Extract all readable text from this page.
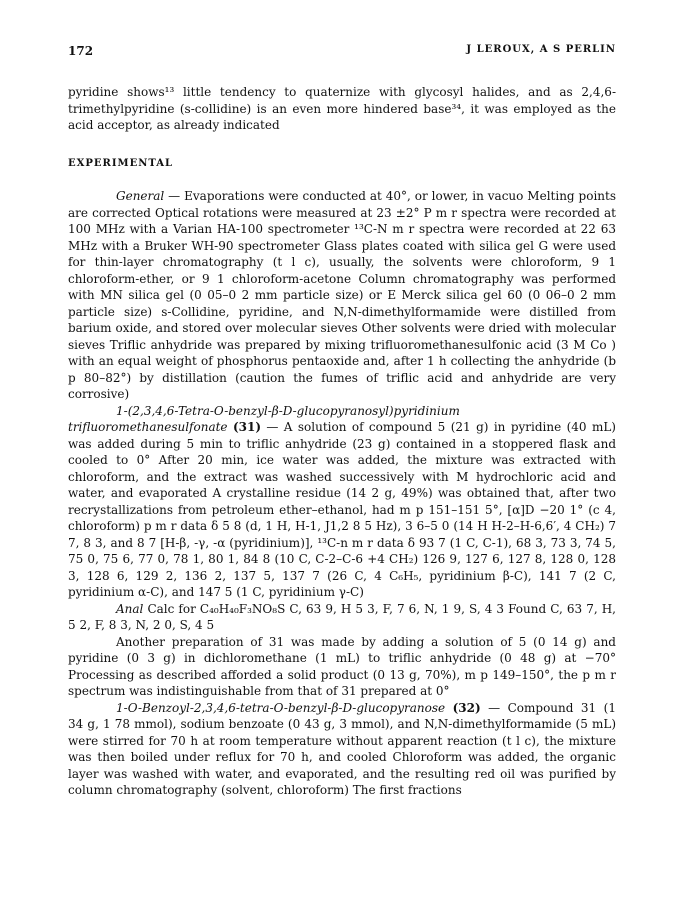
172	J LEROUX, A S PERLIN

pyridine shows¹³ little tendency to quaternize with glycosyl halides, and as 2,4,6-trimethylpyridine (s-collidine) is an even more hindered base³⁴, it was employed as the acid acceptor, as already indicated

EXPERIMENTAL

General — Evaporations were conducted at 40°, or lower, in vacuo Melting points are corrected Optical rotations were measured at 23 ±2° P m r spectra were recorded at 100 MHz with a Varian HA-100 spectrometer ¹³C-N m r spectra were recorded at 22 63 MHz with a Bruker WH-90 spectrometer Glass plates coated with silica gel G were used for thin-layer chromatography (t l c), usually, the solvents were chloroform, 9 1 chloroform-ether, or 9 1 chloroform-acetone Column chromatography was performed with MN silica gel (0 05–0 2 mm particle size) or E Merck silica gel 60 (0 06–0 2 mm particle size) s-Collidine, pyridine, and N,N-dimethylformamide were distilled from barium oxide, and stored over molecular sieves Other solvents were dried with molecular sieves Triflic anhydride was prepared by mixing trifluoromethanesulfonic acid (3 M Co ) with an equal weight of phosphorus pentaoxide and, after 1 h collecting the anhydride (b p 80–82°) by distillation (caution the fumes of triflic acid and anhydride are very corrosive)

1-(2,3,4,6-Tetra-O-benzyl-β-D-glucopyranosyl)pyridinium trifluoromethanesulfonate (31) — A solution of compound 5 (21 g) in pyridine (40 mL) was added during 5 min to triflic anhydride (23 g) contained in a stoppered flask and cooled to 0° After 20 min, ice water was added, the mixture was extracted with chloroform, and the extract was washed successively with M hydrochloric acid and water, and evaporated A crystalline residue (14 2 g, 49%) was obtained that, after two recrystallizations from petroleum ether–ethanol, had m p 151–151 5°, [α]D −20 1° (c 4, chloroform) p m r data δ 5 8 (d, 1 H, H-1, J1,2 8 5 Hz), 3 6–5 0 (14 H H-2–H-6,6′, 4 CH₂) 7 7, 8 3, and 8 7 [H-β, -γ, -α (pyridinium)], ¹³C-n m r data δ 93 7 (1 C, C-1), 68 3, 73 3, 74 5, 75 0, 75 6, 77 0, 78 1, 80 1, 84 8 (10 C, C-2–C-6 +4 CH₂) 126 9, 127 6, 127 8, 128 0, 128 3, 128 6, 129 2, 136 2, 137 5, 137 7 (26 C, 4 C₆H₅, pyridinium β-C), 141 7 (2 C, pyridinium α-C), and 147 5 (1 C, pyridinium γ-C)

Anal Calc for C₄₀H₄₀F₃NO₈S C, 63 9, H 5 3, F, 7 6, N, 1 9, S, 4 3 Found C, 63 7, H, 5 2, F, 8 3, N, 2 0, S, 4 5

Another preparation of 31 was made by adding a solution of 5 (0 14 g) and pyridine (0 3 g) in dichloromethane (1 mL) to triflic anhydride (0 48 g) at −70° Processing as described afforded a solid product (0 13 g, 70%), m p 149–150°, the p m r spectrum was indistinguishable from that of 31 prepared at 0°

1-O-Benzoyl-2,3,4,6-tetra-O-benzyl-β-D-glucopyranose (32) — Compound 31 (1 34 g, 1 78 mmol), sodium benzoate (0 43 g, 3 mmol), and N,N-dimethylformamide (5 mL) were stirred for 70 h at room temperature without apparent reaction (t l c), the mixture was then boiled under reflux for 70 h, and cooled Chloroform was added, the organic layer was washed with water, and evaporated, and the resulting red oil was purified by column chromatography (solvent, chloroform) The first fractions
